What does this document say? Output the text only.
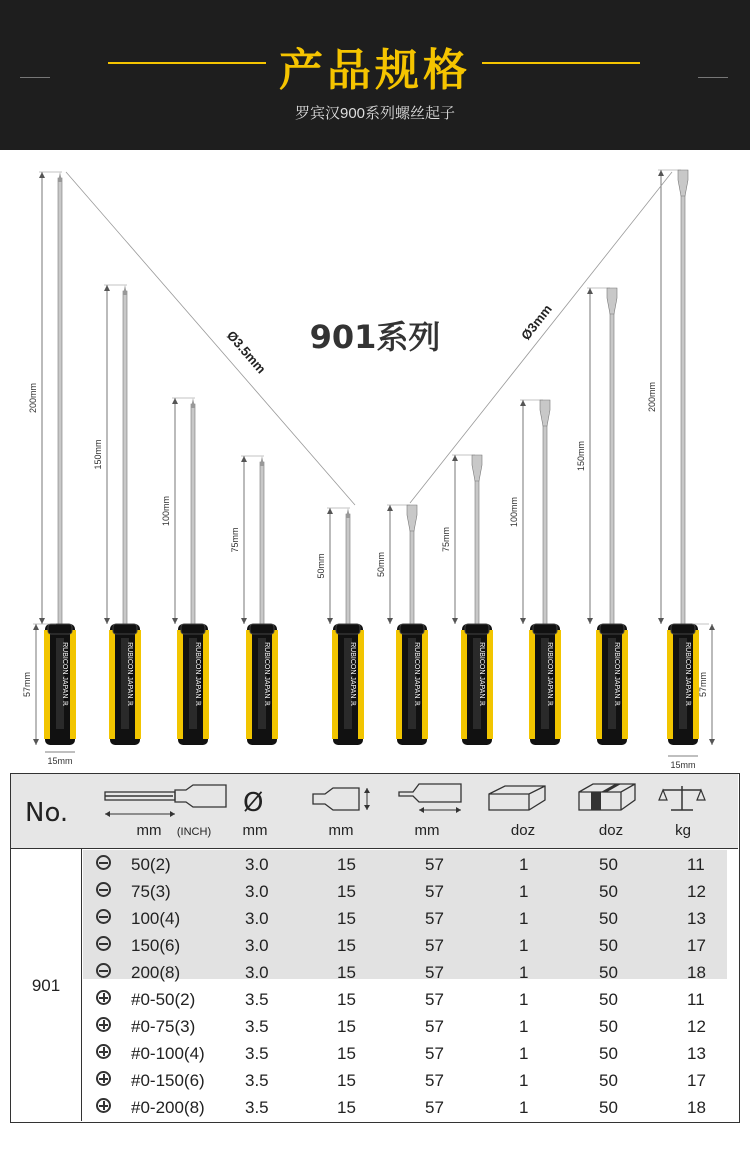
产品规格
罗宾汉900系列螺丝起子
RUBICON JAPAN ℝ
200mm
RUBICON JAPAN ℝ
150mm
RUBICON JAPAN ℝ
100mm
RUBICON JAPAN ℝ
75mm
RUBICON JAPAN ℝ
50mm
RUBICON JAPAN ℝ
50mm
RUBICON JAPAN ℝ
75mm
RUBICON JAPAN ℝ
100mm
RUBICON JAPAN ℝ
150mm
RUBICON JAPAN ℝ
200mm
Ø3.5mm
Ø3mm
57mm
15mm
57mm
15mm
901系列
No.
mm	(INCH)
Ø
mm	mm	mm	doz	doz	kg
901
50(2)	3.0	15	57	1	50	11
75(3)	3.0	15	57	1	50	12
100(4)	3.0	15	57	1	50	13
150(6)	3.0	15	57	1	50	17
200(8)	3.0	15	57	1	50	18
#0-50(2)	3.5	15	57	1	50	11
#0-75(3)	3.5	15	57	1	50	12
#0-100(4) 3.5	15	57	1	50	13
#0-150(6) 3.5	15	57	1	50	17
#0-200(8) 3.5	15	57	1	50	18
